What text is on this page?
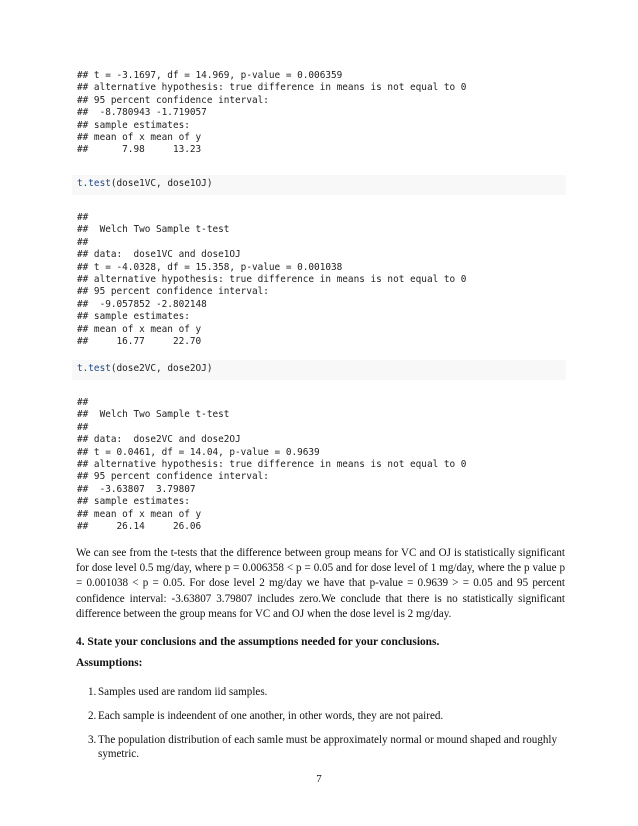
## t = -3.1697, df = 14.969, p-value = 0.006359
## alternative hypothesis: true difference in means is not equal to 0
## 95 percent confidence interval:
##  -8.780943 -1.719057
## sample estimates:
## mean of x mean of y
##      7.98     13.23
t.test(dose1VC, dose1OJ)
##
##  Welch Two Sample t-test
##
## data:  dose1VC and dose1OJ
## t = -4.0328, df = 15.358, p-value = 0.001038
## alternative hypothesis: true difference in means is not equal to 0
## 95 percent confidence interval:
##  -9.057852 -2.802148
## sample estimates:
## mean of x mean of y
##     16.77     22.70
t.test(dose2VC, dose2OJ)
##
##  Welch Two Sample t-test
##
## data:  dose2VC and dose2OJ
## t = 0.0461, df = 14.04, p-value = 0.9639
## alternative hypothesis: true difference in means is not equal to 0
## 95 percent confidence interval:
##  -3.63807  3.79807
## sample estimates:
## mean of x mean of y
##     26.14     26.06

We can see from the t-tests that the difference between group means for VC and OJ is statistically significant for dose level 0.5 mg/day, where p = 0.006358 < p = 0.05 and for dose level of 1 mg/day, where the p value p = 0.001038 < p = 0.05. For dose level 2 mg/day we have that p-value = 0.9639 > = 0.05 and 95 percent confidence interval: -3.63807 3.79807 includes zero.We conclude that there is no statistically significant difference between the group means for VC and OJ when the dose level is 2 mg/day.

4. State your conclusions and the assumptions needed for your conclusions.

Assumptions:

1. Samples used are random iid samples.
2. Each sample is indeendent of one another, in other words, they are not paired.
3. The population distribution of each samle must be approximately normal or mound shaped and roughly symetric.
7
